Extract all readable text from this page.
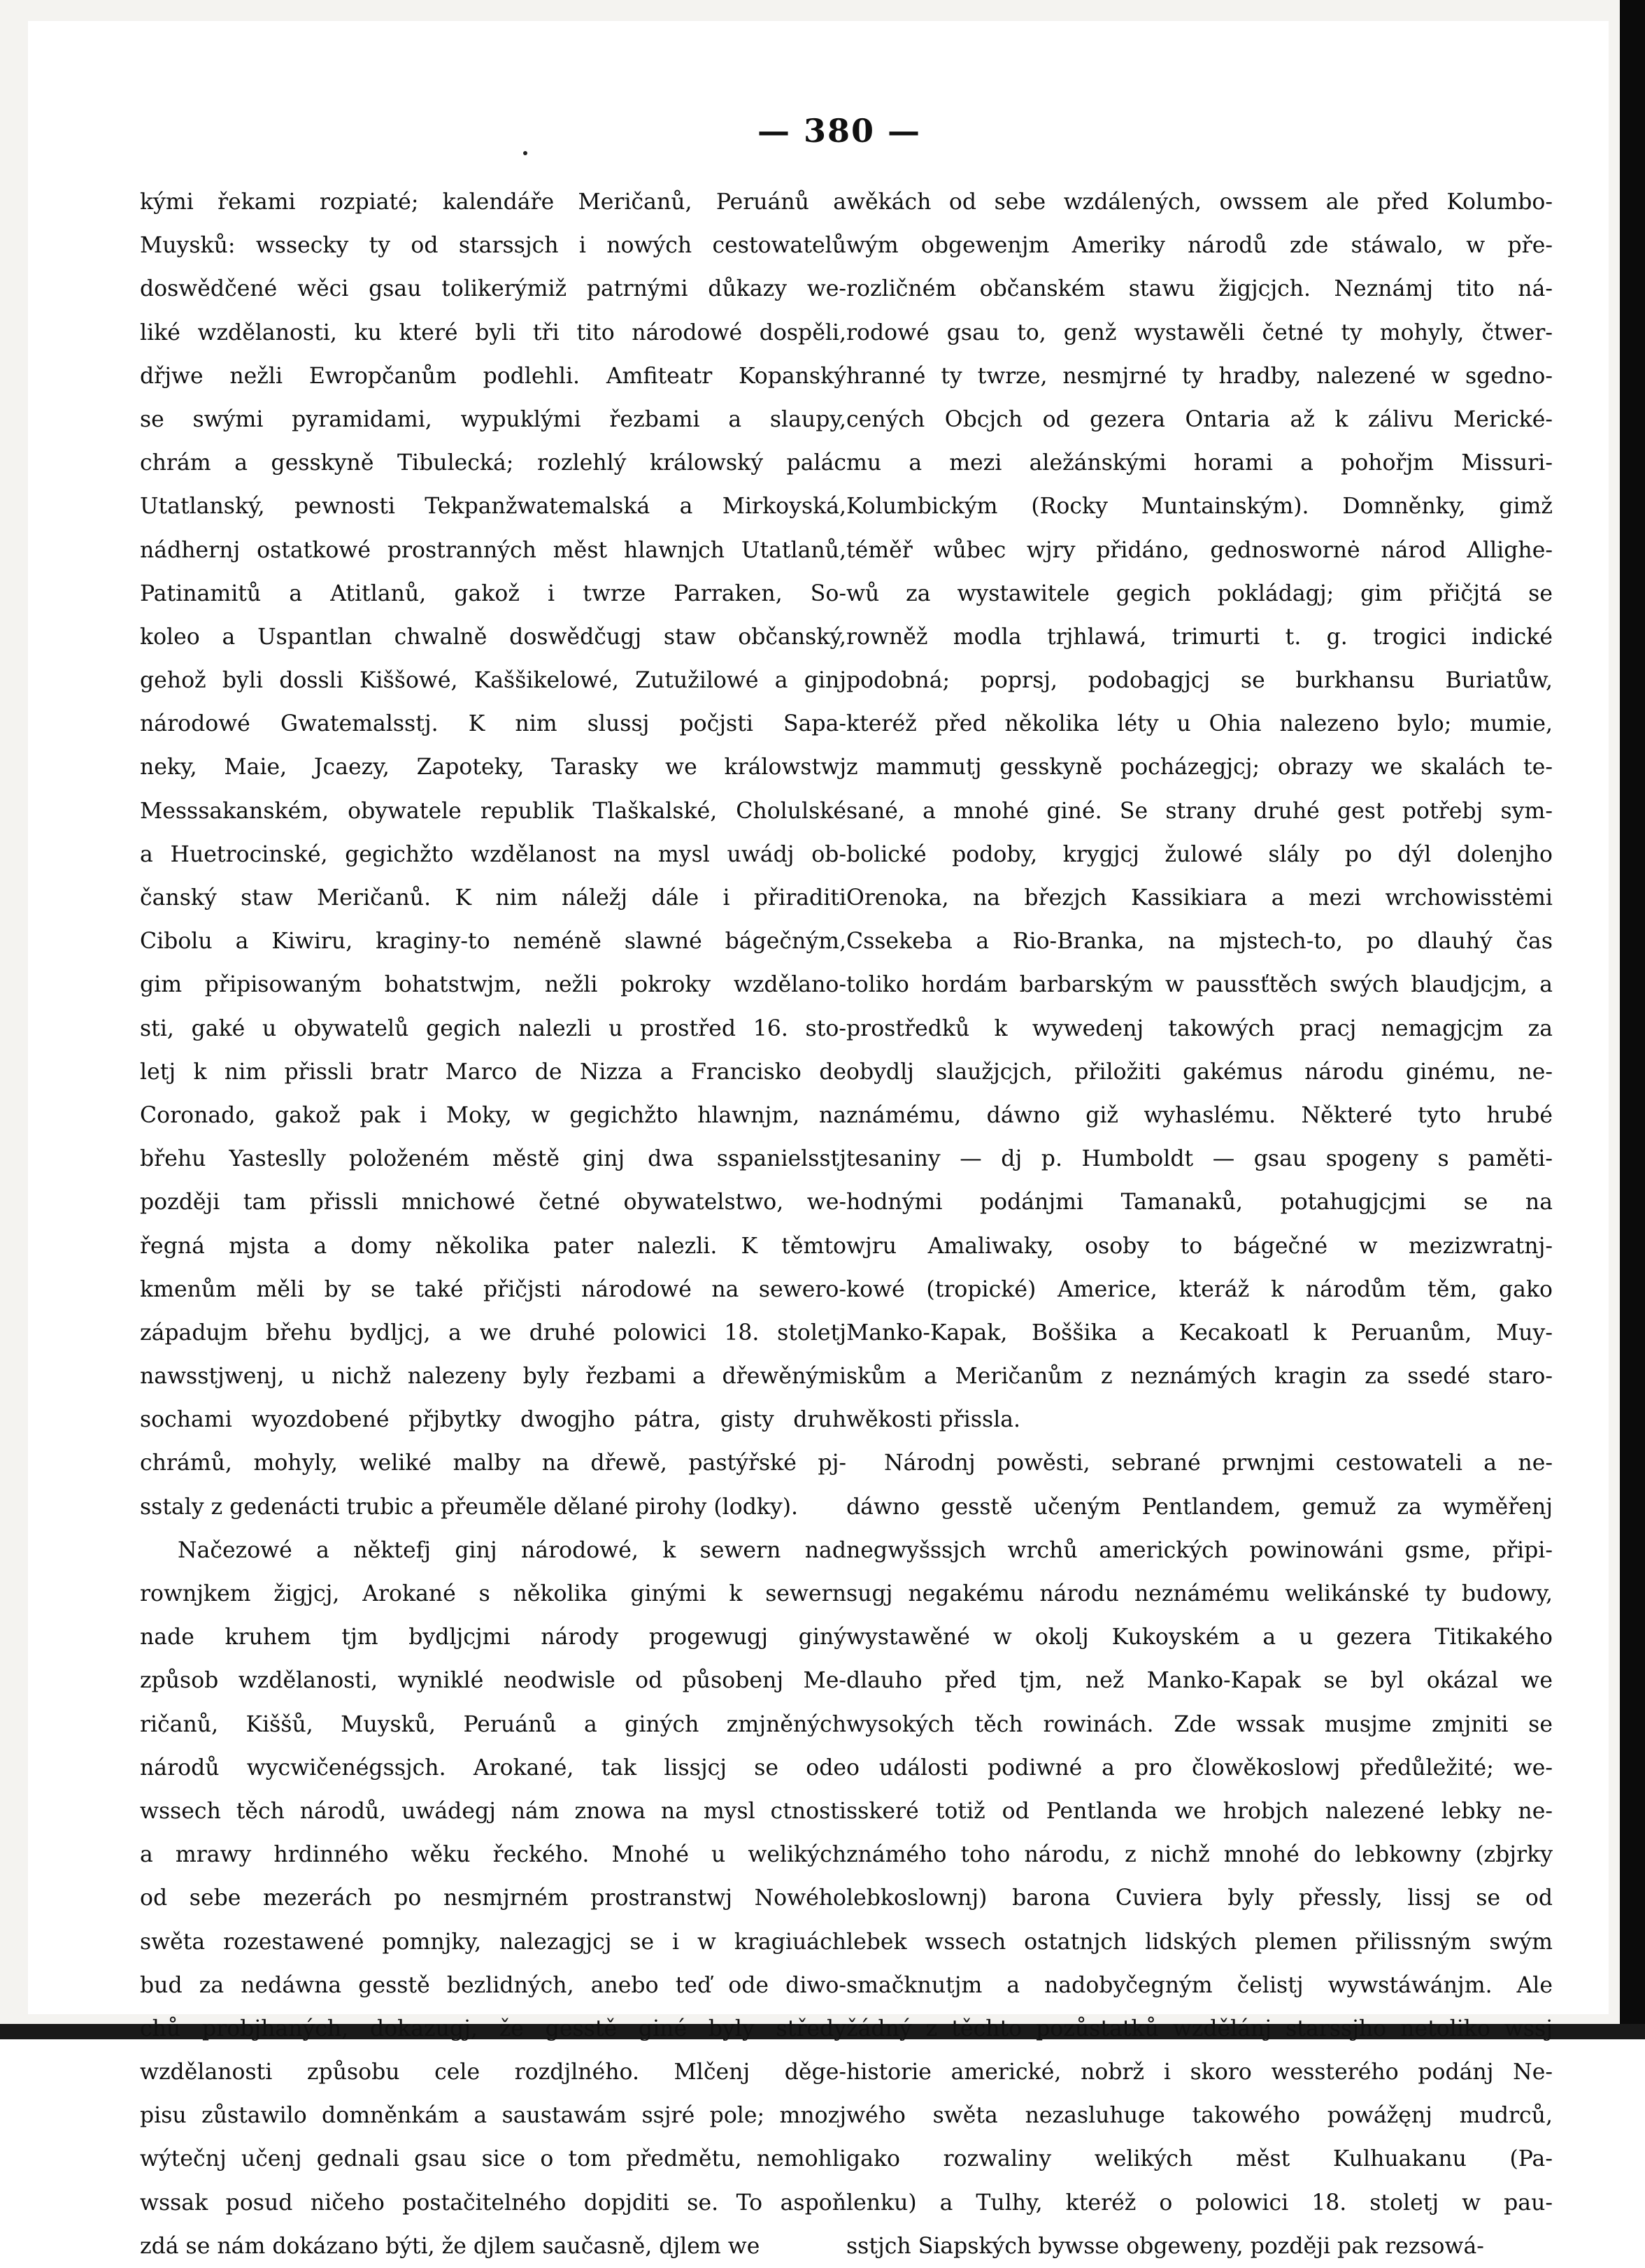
— 380 —
kými řekami rozpiaté; kalendáře Meričanů, Peruánů a
Muysků: wssecky ty od starssjch i nowých cestowatelů
doswědčené wěci gsau tolikerýmiž patrnými důkazy we-
liké wzdělanosti, ku které byli tři tito národowé dospěli,
dřjwe nežli Ewropčanům podlehli. Amfiteatr Kopanský
se swými pyramidami, wypuklými řezbami a slaupy,
chrám a gesskyně Tibulecká; rozlehlý králowský palác
Utatlanský, pewnosti Tekpanžwatemalská a Mirkoyská,
nádhernj ostatkowé prostranných měst hlawnjch Utatlanů,
Patinamitů a Atitlanů, gakož i twrze Parraken, So-
koleo a Uspantlan chwalně doswědčugj staw občanský,
gehož byli dossli Kiššowé, Kaššikelowé, Zutužilowé a ginj
národowé Gwatemalsstj. K nim slussj počjsti Sapa-
neky, Maie, Jcaezy, Zapoteky, Tarasky we králowstwj
Messsakanském, obywatele republik Tlaškalské, Cholulské
a Huetrocinské, gegichžto wzdělanost na mysl uwádj ob-
čanský staw Meričanů. K nim náležj dále i přiraditi
Cibolu a Kiwiru, kraginy-to neméně slawné bágečným,
gim připisowaným bohatstwjm, nežli pokroky wzdělano-
sti, gaké u obywatelů gegich nalezli u prostřed 16. sto-
letj k nim přissli bratr Marco de Nizza a Francisko de
Coronado, gakož pak i Moky, w gegichžto hlawnjm, na
břehu Yasteslly položeném městě ginj dwa sspanielsstj
později tam přissli mnichowé četné obywatelstwo, we-
řegná mjsta a domy několika pater nalezli. K těmto
kmenům měli by se také přičjsti národowé na sewero-
západujm břehu bydljcj, a we druhé polowici 18. stoletj
nawsstjwenj, u nichž nalezeny byly řezbami a dřewěnými
sochami wyozdobené přjbytky dwogjho pátra, gisty druh
chrámů, mohyly, weliké malby na dřewě, pastýřské pj-
sstaly z gedenácti trubic a přeuměle dělané pirohy (lodky).
Načezowé a něktefj ginj národowé, k sewern nad
rownjkem žigjcj, Arokané s několika ginými k sewern
nade kruhem tjm bydljcjmi národy progewugj giný
způsob wzdělanosti, wyniklé neodwisle od působenj Me-
ričanů, Kiššů, Muysků, Peruánů a giných zmjněných
národů wycwičenégssjch. Arokané, tak lissjcj se ode
wssech těch národů, uwádegj nám znowa na mysl ctnosti
a mrawy hrdinného wěku řeckého. Mnohé u welikých
od sebe mezerách po nesmjrném prostranstwj Nowého
swěta rozestawené pomnjky, nalezagjcj se i w kragiuách
bud za nedáwna gesstě bezlidných, anebo teď ode diwo-
chů probjhaných, dokazugj, že gesstě giné byly středy
wzdělanosti způsobu cele rozdjlného. Mlčenj děge-
pisu zůstawilo domněnkám a saustawám ssjré pole; mnozj
wýtečnj učenj gednali gsau sice o tom předmětu, nemohli
wssak posud ničeho postačitelného dopjditi se. To aspoň
zdá se nám dokázano býti, že djlem saučasně, djlem we
wěkách od sebe wzdálených, owssem ale před Kolumbo-
wým obgewenjm Ameriky národů zde stáwalo, w pře-
rozličném občanském stawu žigjcjch. Neznámj tito ná-
rodowé gsau to, genž wystawěli četné ty mohyly, čtwer-
hranné ty twrze, nesmjrné ty hradby, nalezené w sgedno-
cených Obcjch od gezera Ontaria až k zálivu Merické-
mu a mezi aležánskými horami a pohořjm Missuri-
Kolumbickým (Rocky Muntainským). Domněnky, gimž
téměř wůbec wjry přidáno, gednoswornė národ Allighe-
wů za wystawitele gegich pokládagj; gim přičjtá se
rowněž modla trjhlawá, trimurti t. g. trogici indické
podobná; poprsj, podobagjcj se burkhansu Buriatůw,
kteréž před několika léty u Ohia nalezeno bylo; mumie,
z mammutj gesskyně pocházegjcj; obrazy we skalách te-
sané, a mnohé giné. Se strany druhé gest potřebj sym-
bolické podoby, krygjcj žulowé slály po dýl dolenjho
Orenoka, na březjch Kassikiara a mezi wrchowisstėmi
Cssekeba a Rio-Branka, na mjstech-to, po dlauhý čas
toliko hordám barbarským w paussťtěch swých blaudjcjm, a
prostředků k wywedenj takowých pracj nemagjcjm za
obydlj slaužjcjch, přiložiti gakémus národu ginému, ne-
známému, dáwno giž wyhaslému. Některé tyto hrubé
tesaniny — dj p. Humboldt — gsau spogeny s paměti-
hodnými podánjmi Tamanaků, potahugjcjmi se na
wjru Amaliwaky, osoby to bágečné w mezizwratnj-
kowé (tropické) Americe, kteráž k národům těm, gako
Manko-Kapak, Boššika a Kecakoatl k Peruanům, Muy-
skům a Meričanům z neznámých kragin za ssedé staro-
wěkosti přissla.
Národnj powěsti, sebrané prwnjmi cestowateli a ne-
dáwno gesstě učeným Pentlandem, gemuž za wyměřenj
negwyšssjch wrchů amerických powinowáni gsme, připi-
sugj negakému národu neznámému welikánské ty budowy,
wystawěné w okolj Kukoyském a u gezera Titikakého
dlauho před tjm, než Manko-Kapak se byl okázal we
wysokých těch rowinách. Zde wssak musjme zmjniti se
o události podiwné a pro člowěkoslowj předůležité; we-
sskeré totiž od Pentlanda we hrobjch nalezené lebky ne-
známého toho národu, z nichž mnohé do lebkowny (zbjrky
lebkoslownj) barona Cuviera byly přessly, lissj se od
lebek wssech ostatnjch lidských plemen přilissným swým
smačknutjm a nadobyčegným čelistj wywstáwánjm. Ale
žádný z těchto pozůstatků wzdělánj starssjho netoliko wssj
historie americké, nobrž i skoro wessterého podánj Ne-
wého swěta nezasluhuge takowého powážęnj mudrců,
gako rozwaliny welikých měst Kulhuakanu (Pa-
lenku) a Tulhy, kteréž o polowici 18. stoletj w pau-
sstjch Siapských bywsse obgeweny, později pak rezsowá-
